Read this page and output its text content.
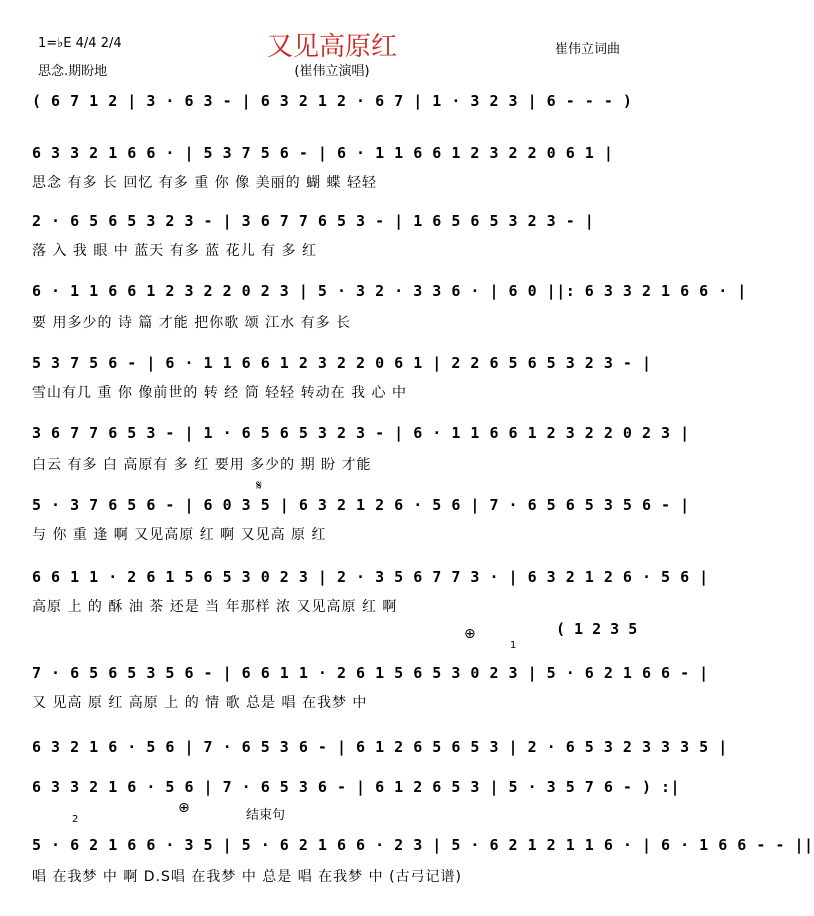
又见高原红
(崔伟立演唱)
1=♭E 4/4 2/4
思念.期盼地
崔伟立词曲
( 6 7 1 2 | 3 · 6 3 - | 6 3 2 1 2 · 6 7 | 1 · 3 2 3 | 6 - - - )
6 3 3 2 1 6 6 · | 5 3 7 5 6 - | 6 · 1 1 6 6 1 2 3 2 2 0 6 1 |
思念 有多 长 回忆 有多 重 你 像 美丽的 蝴 蝶 轻轻
2 · 6 5 6 5 3 2 3 - | 3 6 7 7 6 5 3 - | 1 6 5 6 5 3 2 3 - |
落 入 我 眼 中 蓝天 有多 蓝 花儿 有 多 红
6 · 1 1 6 6 1 2 3 2 2 0 2 3 | 5 · 3 2 · 3 3 6 · | 6 0 ||: 6 3 3 2 1 6 6 · |
要 用多少的 诗 篇 才能 把你歌 颂 江水 有多 长
5 3 7 5 6 - | 6 · 1 1 6 6 1 2 3 2 2 0 6 1 | 2 2 6 5 6 5 3 2 3 - |
雪山有几 重 你 像前世的 转 经 筒 轻轻 转动在 我 心 中
3 6 7 7 6 5 3 - | 1 · 6 5 6 5 3 2 3 - | 6 · 1 1 6 6 1 2 3 2 2 0 2 3 |
白云 有多 白 高原有 多 红 要用 多少的 期 盼 才能
𝄋
5 · 3 7 6 5 6 - | 6 0 3 5 | 6 3 2 1 2 6 · 5 6 | 7 · 6 5 6 5 3 5 6 - |
与 你 重 逢 啊 又见高原 红 啊 又见高 原 红
6 6 1 1 · 2 6 1 5 6 5 3 0 2 3 | 2 · 3 5 6 7 7 3 · | 6 3 2 1 2 6 · 5 6 |
高原 上 的 酥 油 茶 还是 当 年那样 浓 又见高原 红 啊
⊕
1
( 1 2 3 5
7 · 6 5 6 5 3 5 6 - | 6 6 1 1 · 2 6 1 5 6 5 3 0 2 3 | 5 · 6 2 1 6 6 - |
又 见高 原 红 高原 上 的 情 歌 总是 唱 在我梦 中
6 3 2 1 6 · 5 6 | 7 · 6 5 3 6 - | 6 1 2 6 5 6 5 3 | 2 · 6 5 3 2 3 3 3 5 |
6 3 3 2 1 6 · 5 6 | 7 · 6 5 3 6 - | 6 1 2 6 5 3 | 5 · 3 5 7 6 - ) :|
⊕	结束句
2
5 · 6 2 1 6 6 · 3 5 | 5 · 6 2 1 6 6 · 2 3 | 5 · 6 2 1 2 1 1 6 · | 6 · 1 6 6 - - ||
唱 在我梦 中 啊 D.S唱 在我梦 中 总是 唱 在我梦 中 (古弓记谱)
